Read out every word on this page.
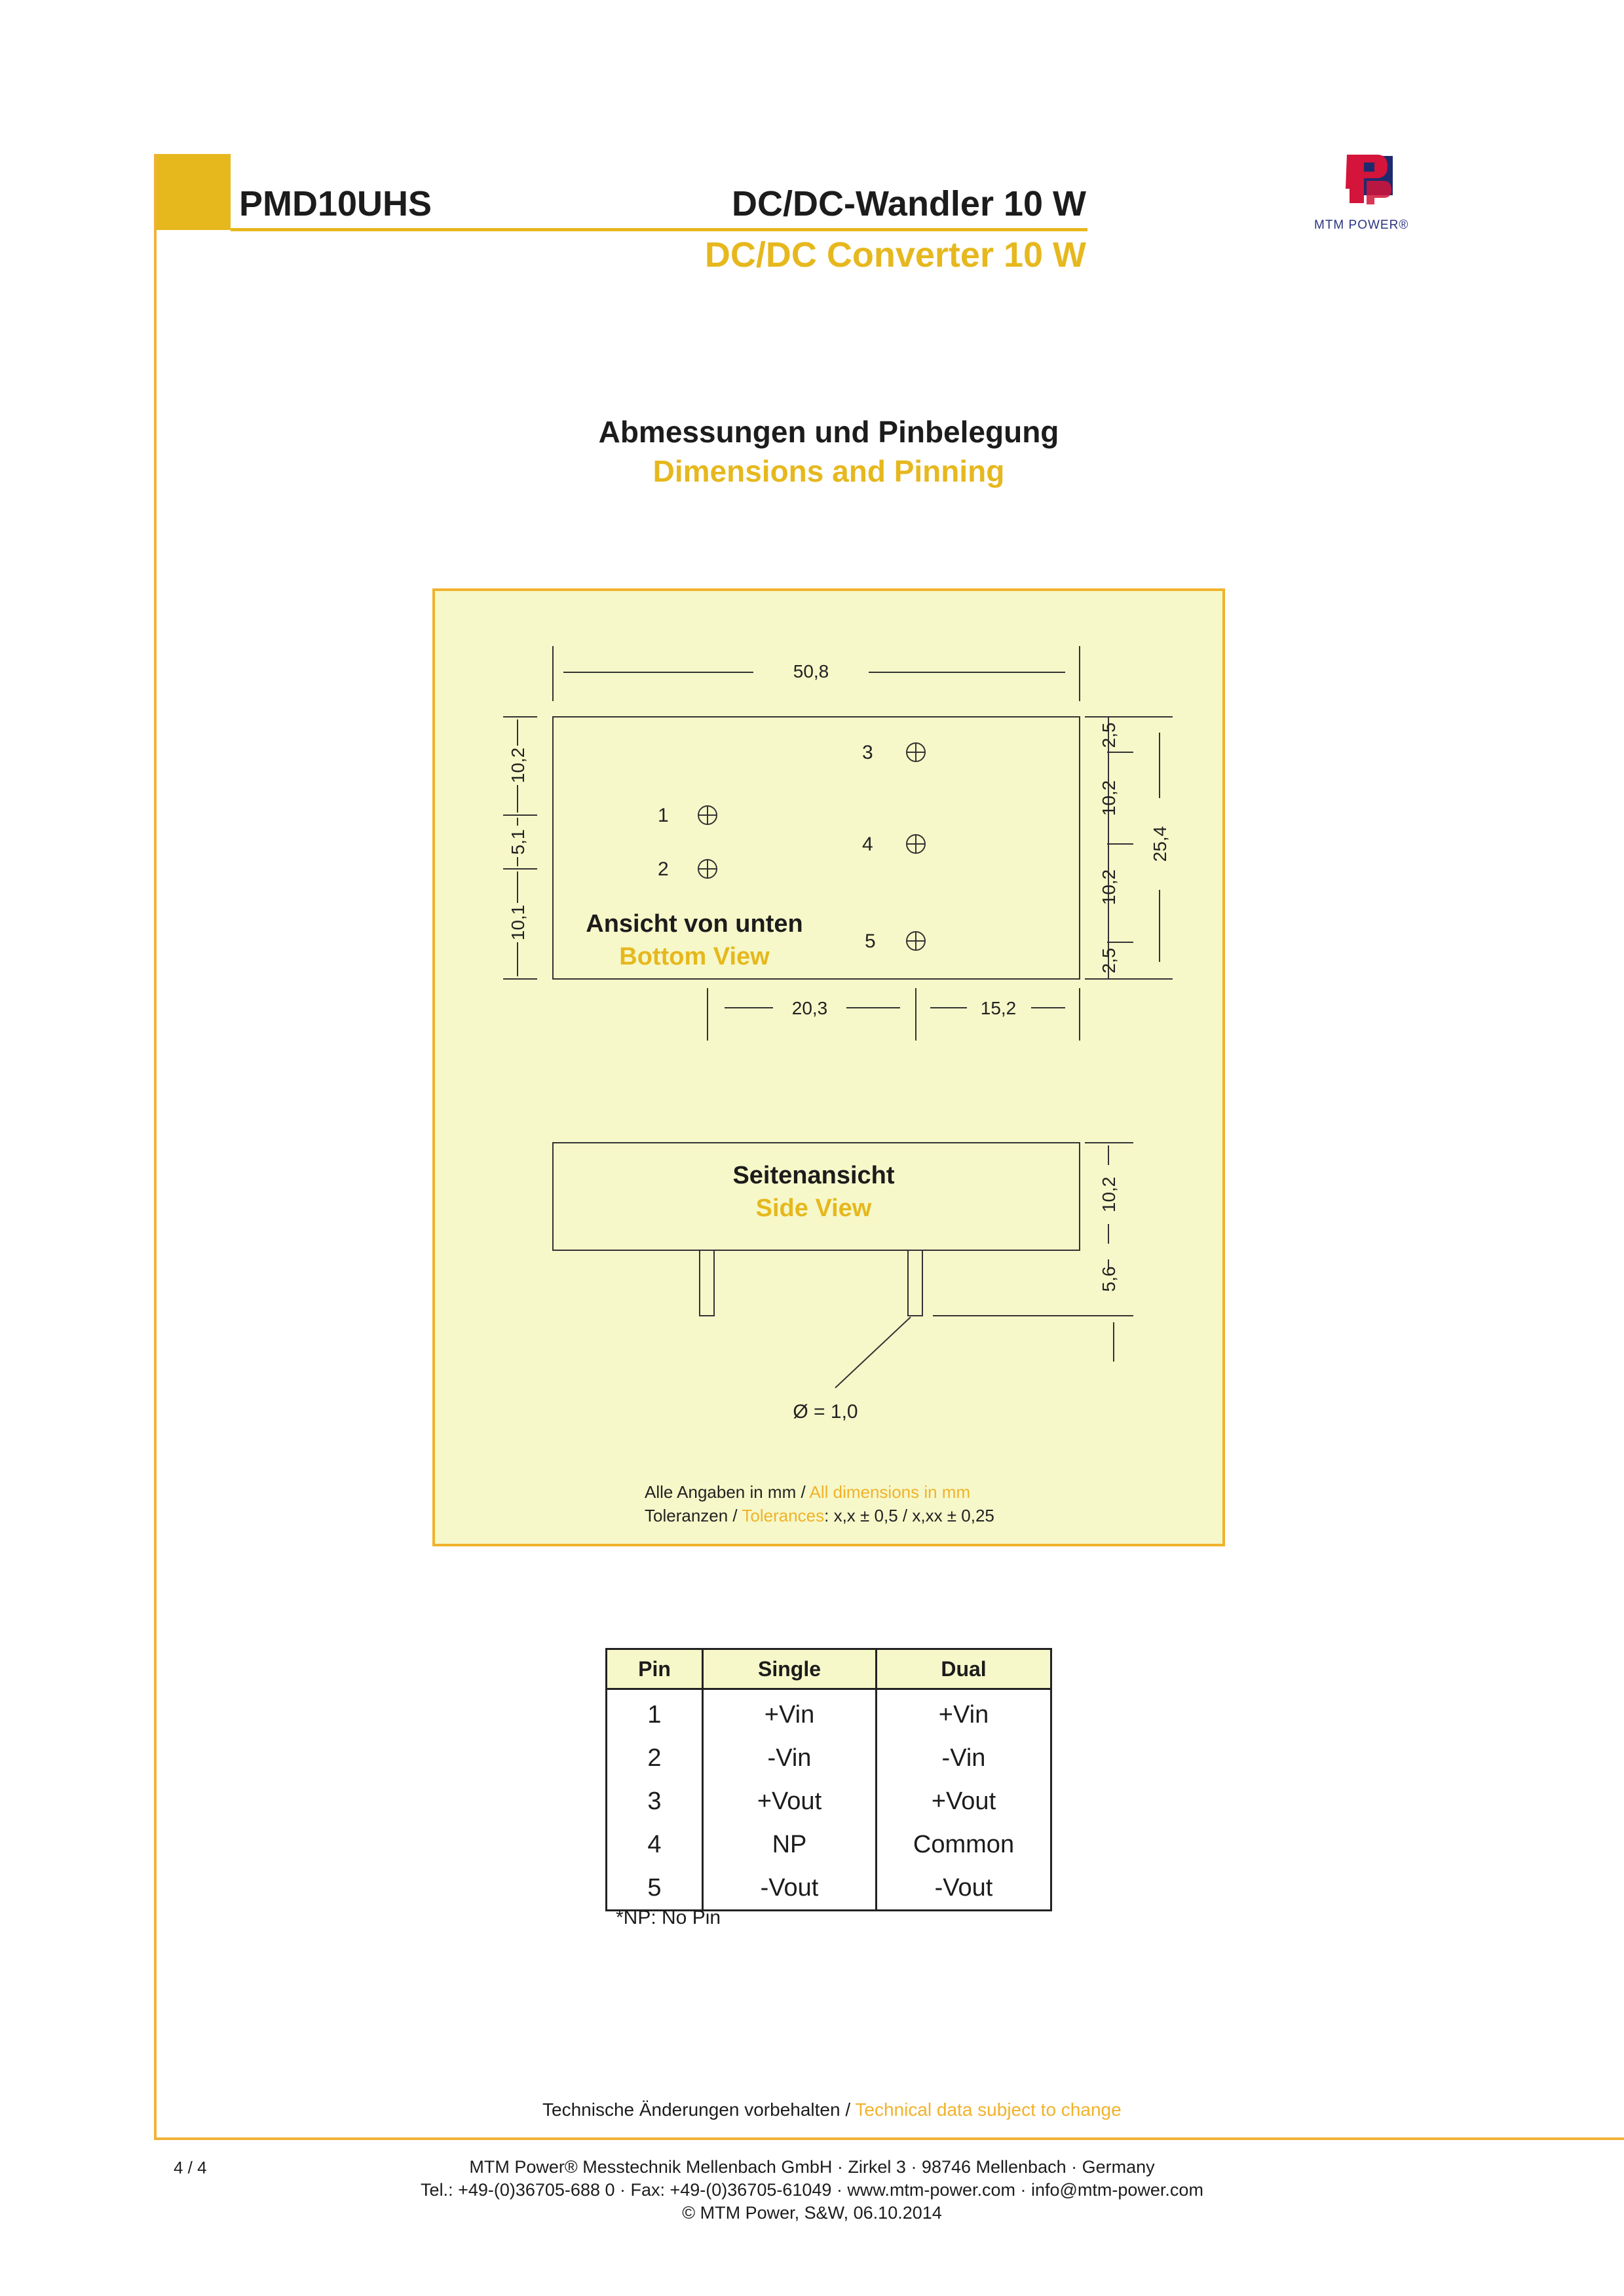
PMD10UHS	DC/DC-Wandler 10 W
DC/DC Converter 10 W
MTM POWER®
Abmessungen und Pinbelegung
Dimensions and Pinning
1
2
3
4
5
50,8
10,2
5,1
10,1
2,5
10,2
10,2
2,5
25,4
20,3	15,2
10,2
5,6
Ansicht von unten
Bottom View
Seitenansicht
Side View
Ø = 1,0
Alle Angaben in mm / All dimensions in mm
Toleranzen / Tolerances: x,x ± 0,5 / x,xx ± 0,25
Pin	Single	Dual
1	+Vin	+Vin
2	-Vin	-Vin
3	+Vout	+Vout
4	NP	Common
5	-Vout	-Vout
*NP: No Pin
Technische Änderungen vorbehalten / Technical data subject to change
4 / 4	MTM Power® Messtechnik Mellenbach GmbH · Zirkel 3 · 98746 Mellenbach · Germany
Tel.: +49-(0)36705-688 0 · Fax: +49-(0)36705-61049 · www.mtm-power.com · info@mtm-power.com
© MTM Power, S&W, 06.10.2014
